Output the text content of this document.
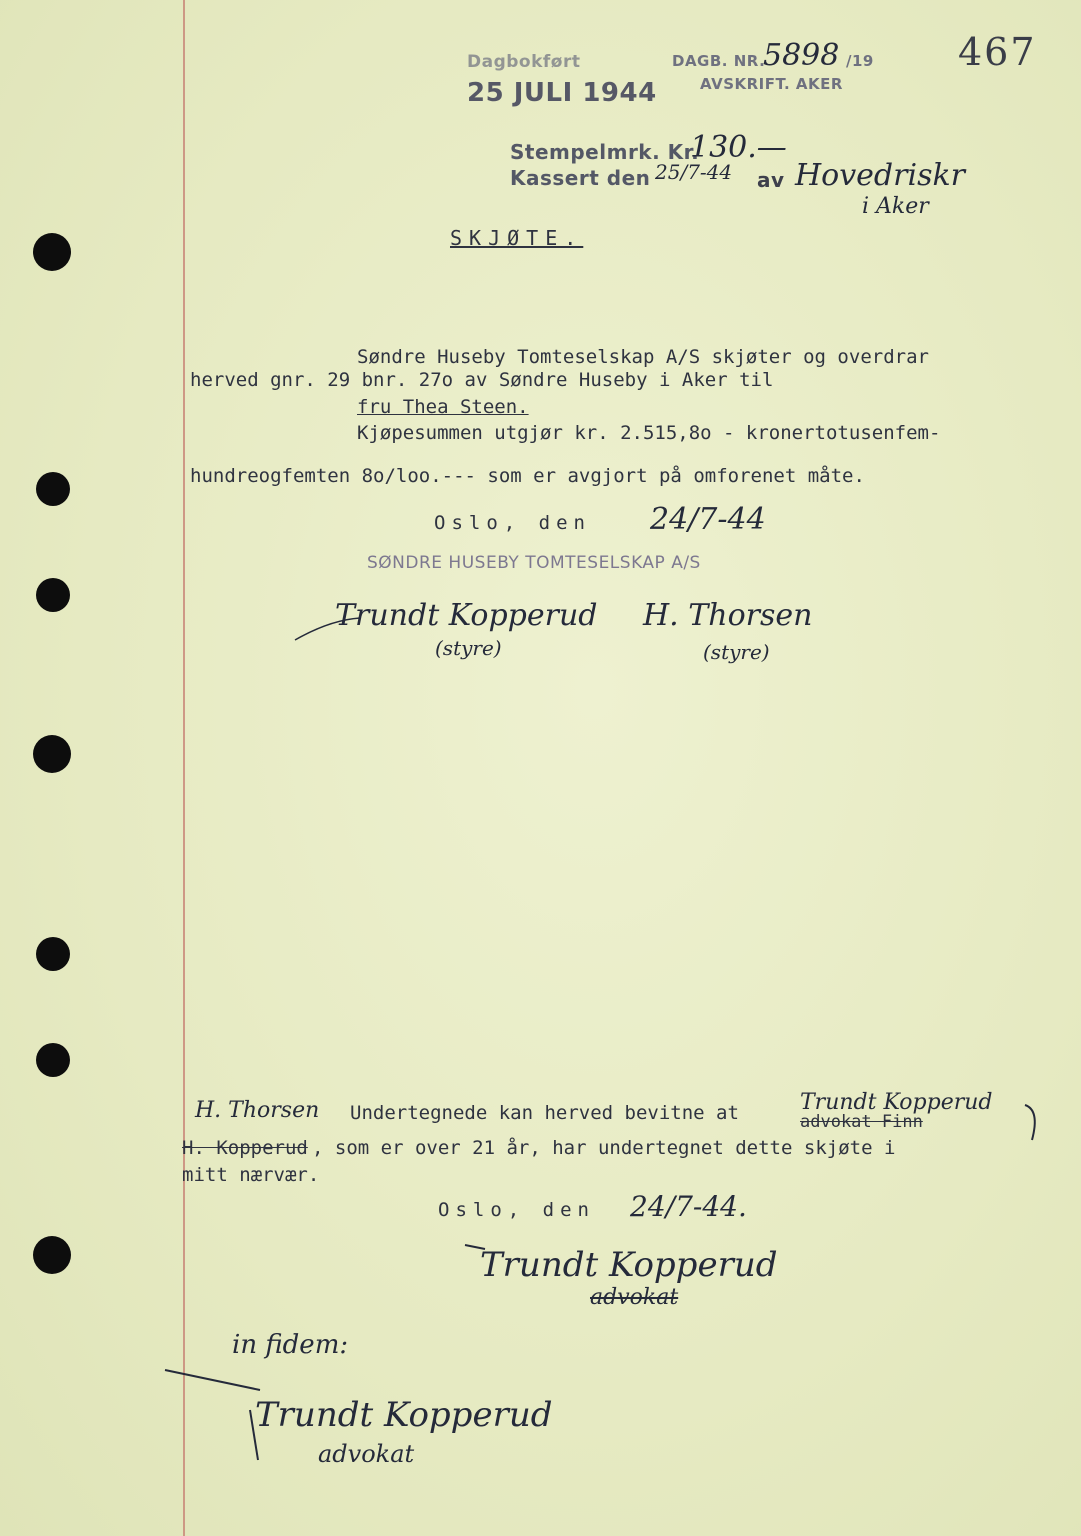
Dagbokført
25 JULI 1944
DAGB. NR.
5898 /19
AVSKRIFT. AKER
467
Stempelmrk. Kr.
130.—
Kassert den 25/7-44 av Hovedriskr
i Aker
SKJØTE.
Søndre Huseby Tomteselskap A/S skjøter og overdrar
herved gnr. 29 bnr. 27o av Søndre Huseby i Aker til
fru Thea Steen.
Kjøpesummen utgjør kr. 2.515,8o - kronertotusenfem-
hundreogfemten 8o/loo.--- som er avgjort på omforenet måte.
Oslo, den 24/7-44
SØNDRE HUSEBY TOMTESELSKAP A/S
Trundt Kopperud
(styre)
H. Thorsen
(styre)
H. Thorsen Undertegnede kan herved bevitne at	Trundt Kopperud
advokat Finn
H. Kopperud , som er over 21 år, har undertegnet dette skjøte i
mitt nærvær.
Oslo, den 24/7-44.
Trundt Kopperud
advokat
in fidem:
Trundt Kopperud
advokat
